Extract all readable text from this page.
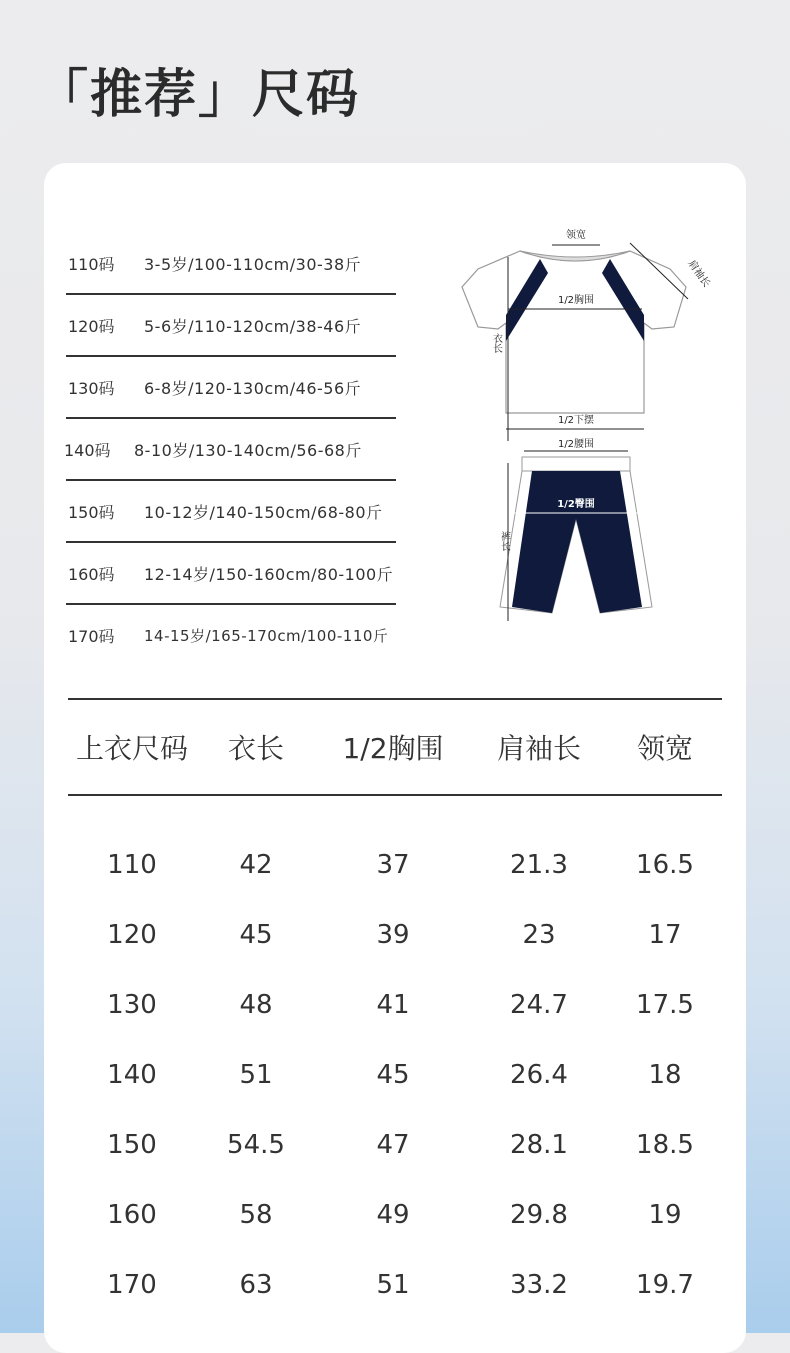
「推荐」尺码
110码	3-5岁/100-110cm/30-38斤
120码	5-6岁/110-120cm/38-46斤
130码	6-8岁/120-130cm/46-56斤
140码	8-10岁/130-140cm/56-68斤
150码	10-12岁/140-150cm/68-80斤
160码	12-14岁/150-160cm/80-100斤
170码	14-15岁/165-170cm/100-110斤
领宽
肩袖长
1/2胸围
衣长
1/2下摆
1/2腰围
1/2臀围
裤长
上衣尺码	衣长	1/2胸围	肩袖长	领宽
110	42	37	21.3	16.5
120	45	39	23	17
130	48	41	24.7	17.5
140	51	45	26.4	18
150	54.5	47	28.1	18.5
160	58	49	29.8	19
170	63	51	33.2	19.7
